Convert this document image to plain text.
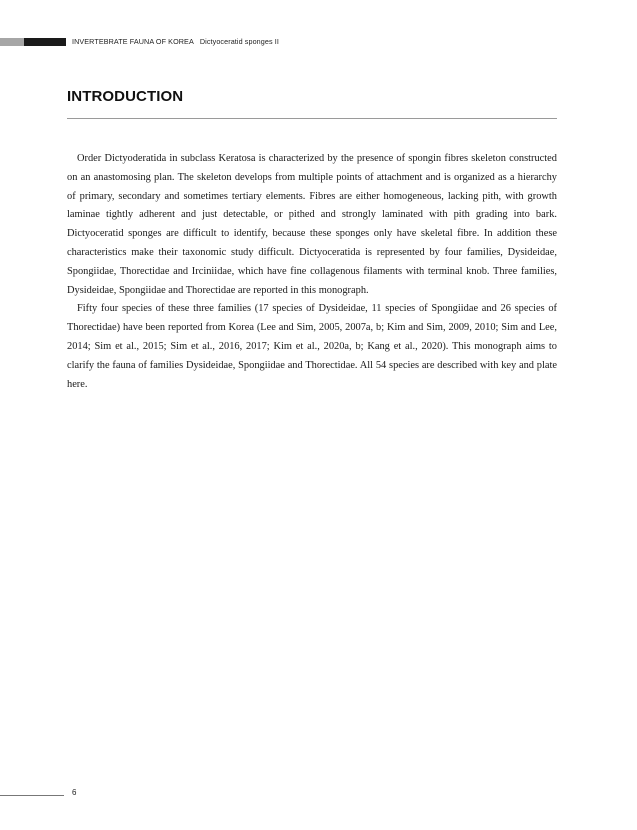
INVERTEBRATE FAUNA OF KOREA Dictyoceratid sponges II
INTRODUCTION

Order Dictyoderatida in subclass Keratosa is characterized by the presence of spongin fibres skeleton constructed on an anastomosing plan. The skeleton develops from multiple points of attachment and is organized as a hierarchy of primary, secondary and sometimes tertiary elements. Fibres are either homogeneous, lacking pith, with growth laminae tightly adherent and just detectable, or pithed and strongly laminated with pith grading into bark. Dictyoceratid sponges are difficult to identify, because these sponges only have skeletal fibre. In addition these characteristics make their taxonomic study difficult. Dictyoceratida is represented by four families, Dysideidae, Spongiidae, Thorectidae and Irciniidae, which have fine collagenous filaments with terminal knob. Three families, Dysideidae, Spongiidae and Thorectidae are reported in this monograph.

Fifty four species of these three families (17 species of Dysideidae, 11 species of Spongiidae and 26 species of Thorectidae) have been reported from Korea (Lee and Sim, 2005, 2007a, b; Kim and Sim, 2009, 2010; Sim and Lee, 2014; Sim et al., 2015; Sim et al., 2016, 2017; Kim et al., 2020a, b; Kang et al., 2020). This monograph aims to clarify the fauna of families Dysideidae, Spongiidae and Thorectidae. All 54 species are described with key and plate here.

6
